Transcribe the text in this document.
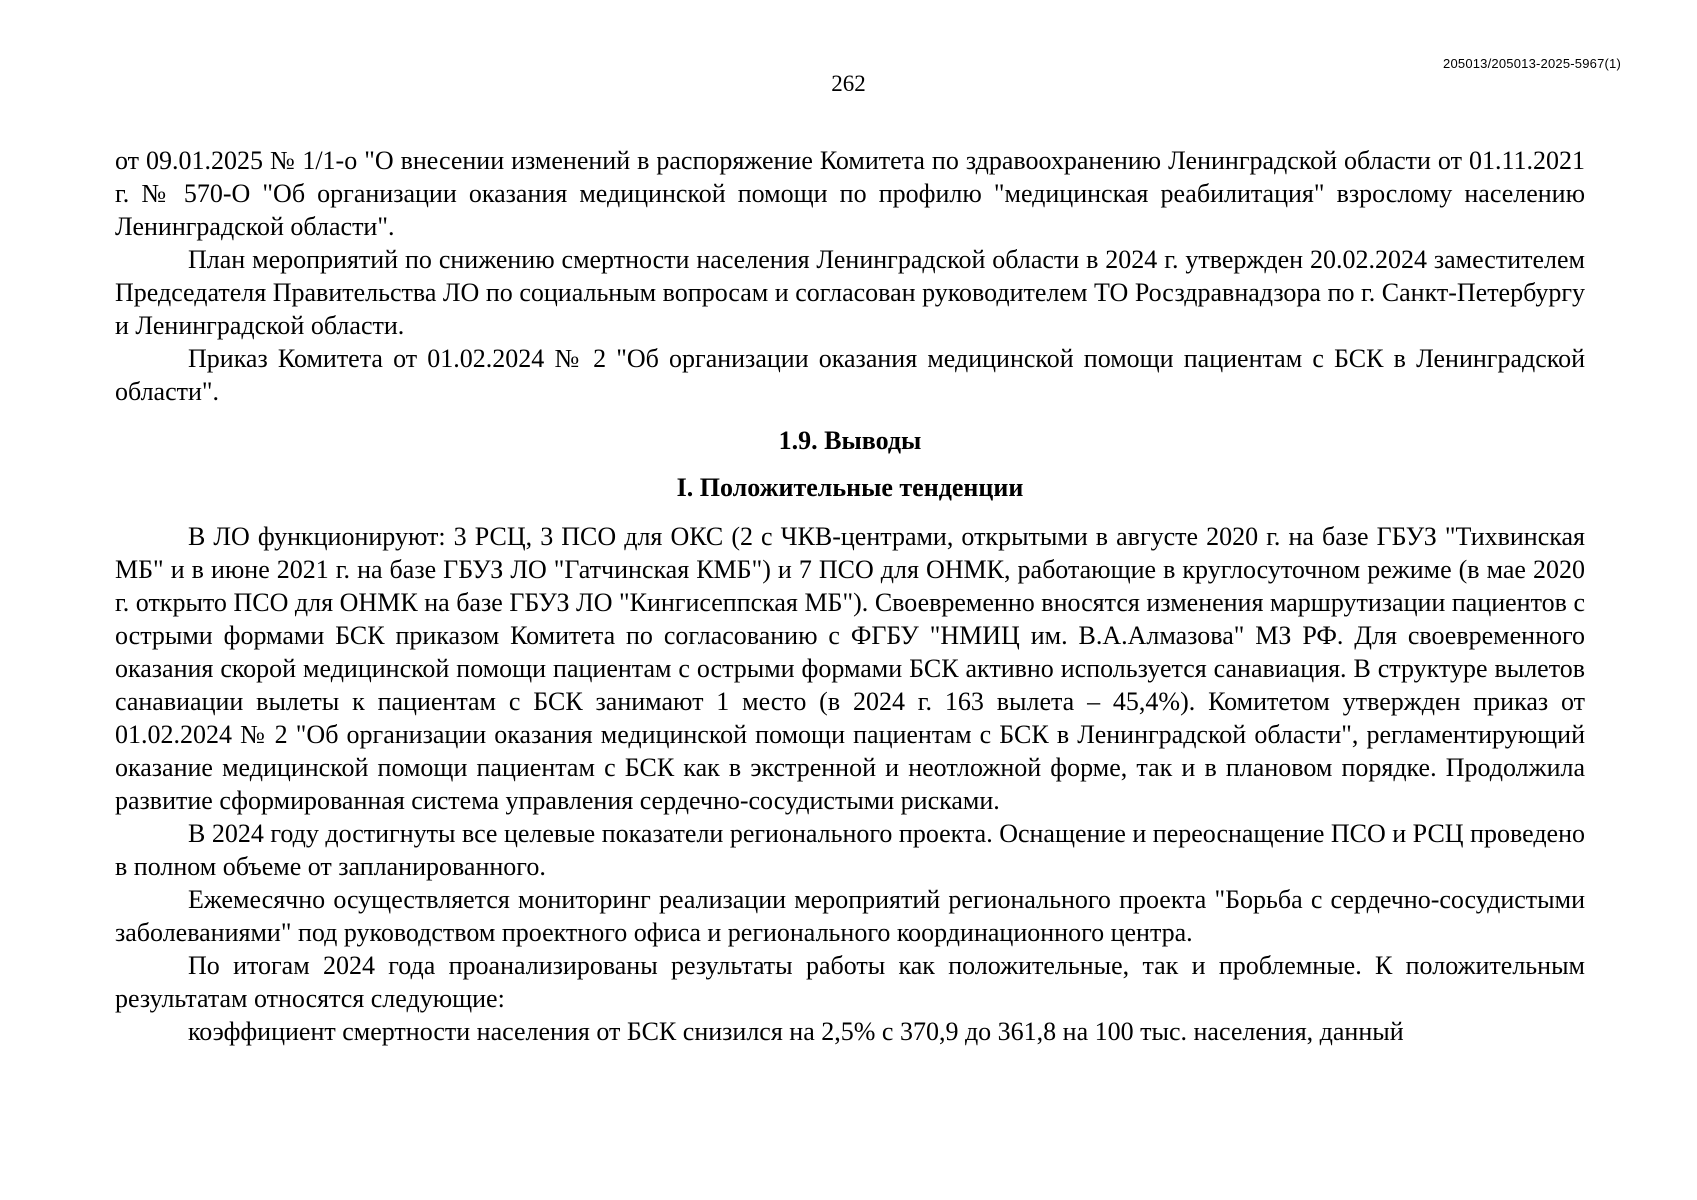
205013/205013-2025-5967(1)
262

от 09.01.2025 № 1/1-о "О внесении изменений в распоряжение Комитета по здравоохранению Ленинградской области от 01.11.2021 г. № 570-О "Об организации оказания медицинской помощи по профилю "медицинская реабилитация" взрослому населению Ленинградской области".

План мероприятий по снижению смертности населения Ленинградской области в 2024 г. утвержден 20.02.2024 заместителем Председателя Правительства ЛО по социальным вопросам и согласован руководителем ТО Росздравнадзора по г. Санкт-Петербургу и Ленинградской области.

Приказ Комитета от 01.02.2024 № 2 "Об организации оказания медицинской помощи пациентам с БСК в Ленинградской области".

1.9. Выводы
I. Положительные тенденции

В ЛО функционируют: 3 РСЦ, 3 ПСО для ОКС (2 с ЧКВ-центрами, открытыми в августе 2020 г. на базе ГБУЗ "Тихвинская МБ" и в июне 2021 г. на базе ГБУЗ ЛО "Гатчинская КМБ") и 7 ПСО для ОНМК, работающие в круглосуточном режиме (в мае 2020 г. открыто ПСО для ОНМК на базе ГБУЗ ЛО "Кингисеппская МБ"). Своевременно вносятся изменения маршрутизации пациентов с острыми формами БСК приказом Комитета по согласованию с ФГБУ "НМИЦ им. В.А.Алмазова" МЗ РФ. Для своевременного оказания скорой медицинской помощи пациентам с острыми формами БСК активно используется санавиация. В структуре вылетов санавиации вылеты к пациентам с БСК занимают 1 место (в 2024 г. 163 вылета – 45,4%). Комитетом утвержден приказ от 01.02.2024 № 2 "Об организации оказания медицинской помощи пациентам с БСК в Ленинградской области", регламентирующий оказание медицинской помощи пациентам с БСК как в экстренной и неотложной форме, так и в плановом порядке. Продолжила развитие сформированная система управления сердечно-сосудистыми рисками.

В 2024 году достигнуты все целевые показатели регионального проекта. Оснащение и переоснащение ПСО и РСЦ проведено в полном объеме от запланированного.

Ежемесячно осуществляется мониторинг реализации мероприятий регионального проекта "Борьба с сердечно-сосудистыми заболеваниями" под руководством проектного офиса и регионального координационного центра.

По итогам 2024 года проанализированы результаты работы как положительные, так и проблемные. К положительным результатам относятся следующие:

коэффициент смертности населения от БСК снизился на 2,5% с 370,9 до 361,8 на 100 тыс. населения, данный
